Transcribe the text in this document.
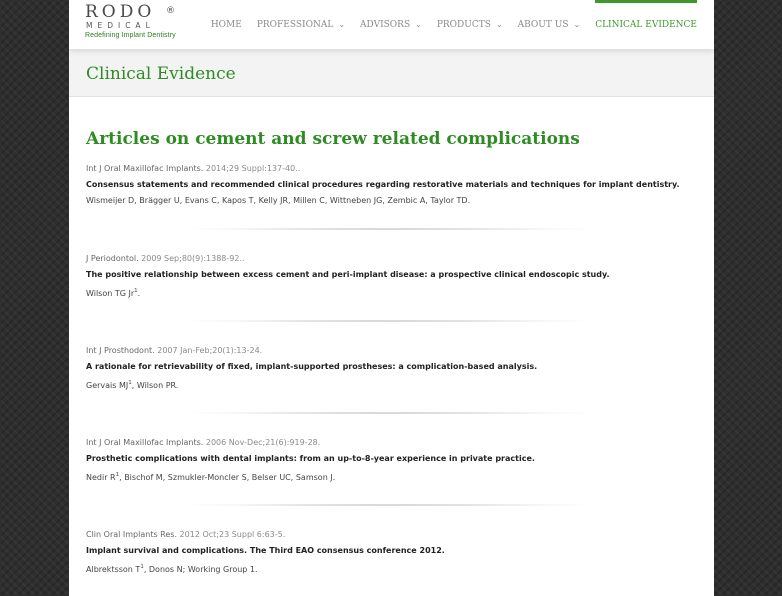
RODO ®
MEDICAL
Redefining Implant Dentistry
HOME PROFESSIONAL ⌄ ADVISORS ⌄ PRODUCTS ⌄ ABOUT US ⌄ CLINICAL EVIDENCE
Clinical Evidence
Articles on cement and screw related complications
Int J Oral Maxillofac Implants. 2014;29 Suppl:137-40..
Consensus statements and recommended clinical procedures regarding restorative materials and techniques for implant dentistry.
Wismeijer D, Brägger U, Evans C, Kapos T, Kelly JR, Millen C, Wittneben JG, Zembic A, Taylor TD.
J Periodontol. 2009 Sep;80(9):1388-92..
The positive relationship between excess cement and peri-implant disease: a prospective clinical endoscopic study.
Wilson TG Jr$^1$.
Int J Prosthodont. 2007 Jan-Feb;20(1):13-24.
A rationale for retrievability of fixed, implant-supported prostheses: a complication-based analysis.
Gervais $MJ^1$, Wilson PR.
Int J Oral Maxillofac Implants. 2006 Nov-Dec;21(6):919-28.
Prosthetic complications with dental implants: from an up-to-8-year experience in private practice.
Nedir $R^1$, Bischof M, Szmukler-Moncler S, Belser UC, Samson J.
Clin Oral Implants Res. 2012 Oct;23 Suppl 6:63-5.
Implant survival and complications. The Third EAO consensus conference 2012.
Albrektsson $T^1$, Donos N; Working Group 1.
